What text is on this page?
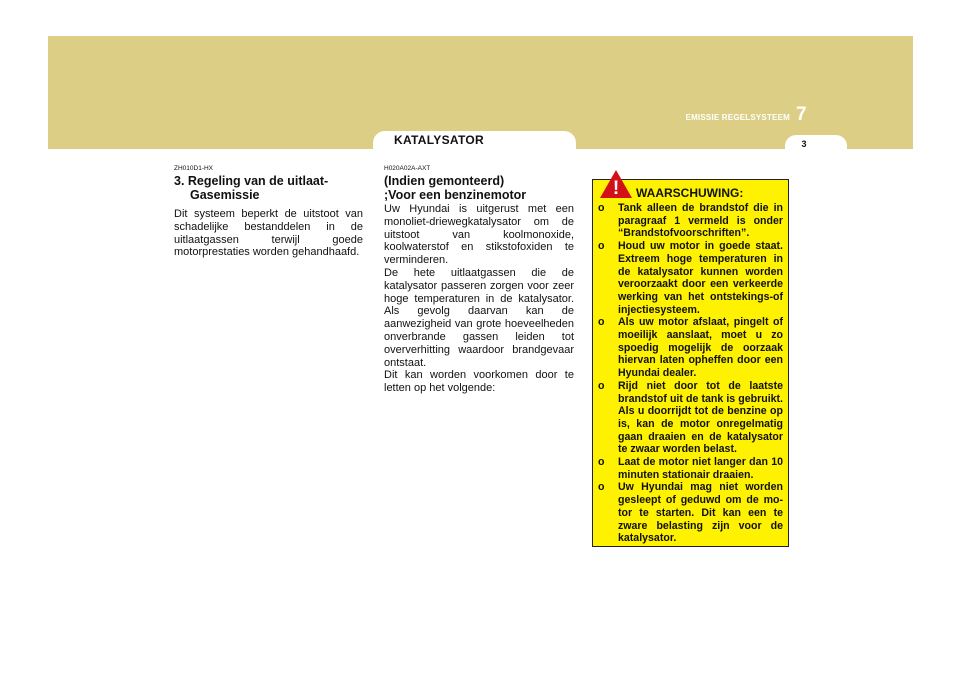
EMISSIE REGELSYSTEEM 7
3
KATALYSATOR
ZH010D1-HX
3. Regeling van de uitlaat-
Gasemissie
Dit systeem beperkt de uitstoot van schadelijke bestanddelen in de uitlaatgassen terwijl goede motorprestaties worden gehandhaafd.
H020A02A-AXT
(Indien gemonteerd)
;Voor een benzinemotor

Uw Hyundai is uitgerust met een monoliet-driewegkatalysator om de uitstoot van koolmonoxide, koolwaterstof en stikstofoxiden te verminderen.

De hete uitlaatgassen die de katalysator passeren zorgen voor zeer hoge temperaturen in de katalysator. Als gevolg daarvan kan de aanwezigheid van grote hoeveelheden onverbrande gassen leiden tot oververhitting waardoor brandgevaar ontstaat.

Dit kan worden voorkomen door te letten op het volgende:

WAARSCHUWING:
o Tank alleen de brandstof die in paragraaf 1 vermeld is onder “Brandstofvoorschriften”.
o Houd uw motor in goede staat. Extreem hoge temperaturen in de katalysator kunnen worden veroorzaakt door een verkeerde werking van het ontstekings-of injectiesysteem.
o Als uw motor afslaat, pingelt of moeilijk aanslaat, moet u zo spoedig mogelijk de oorzaak hiervan laten opheffen door een Hyundai dealer.
o Rijd niet door tot de laatste brandstof uit de tank is gebruikt. Als u doorrijdt tot de benzine op is, kan de motor onregelmatig gaan draaien en de katalysator te zwaar worden belast.
o Laat de motor niet langer dan 10 minuten stationair draaien.
o Uw Hyundai mag niet worden gesleept of geduwd om de mo-tor te starten. Dit kan een te zware belasting zijn voor de katalysator.
!
